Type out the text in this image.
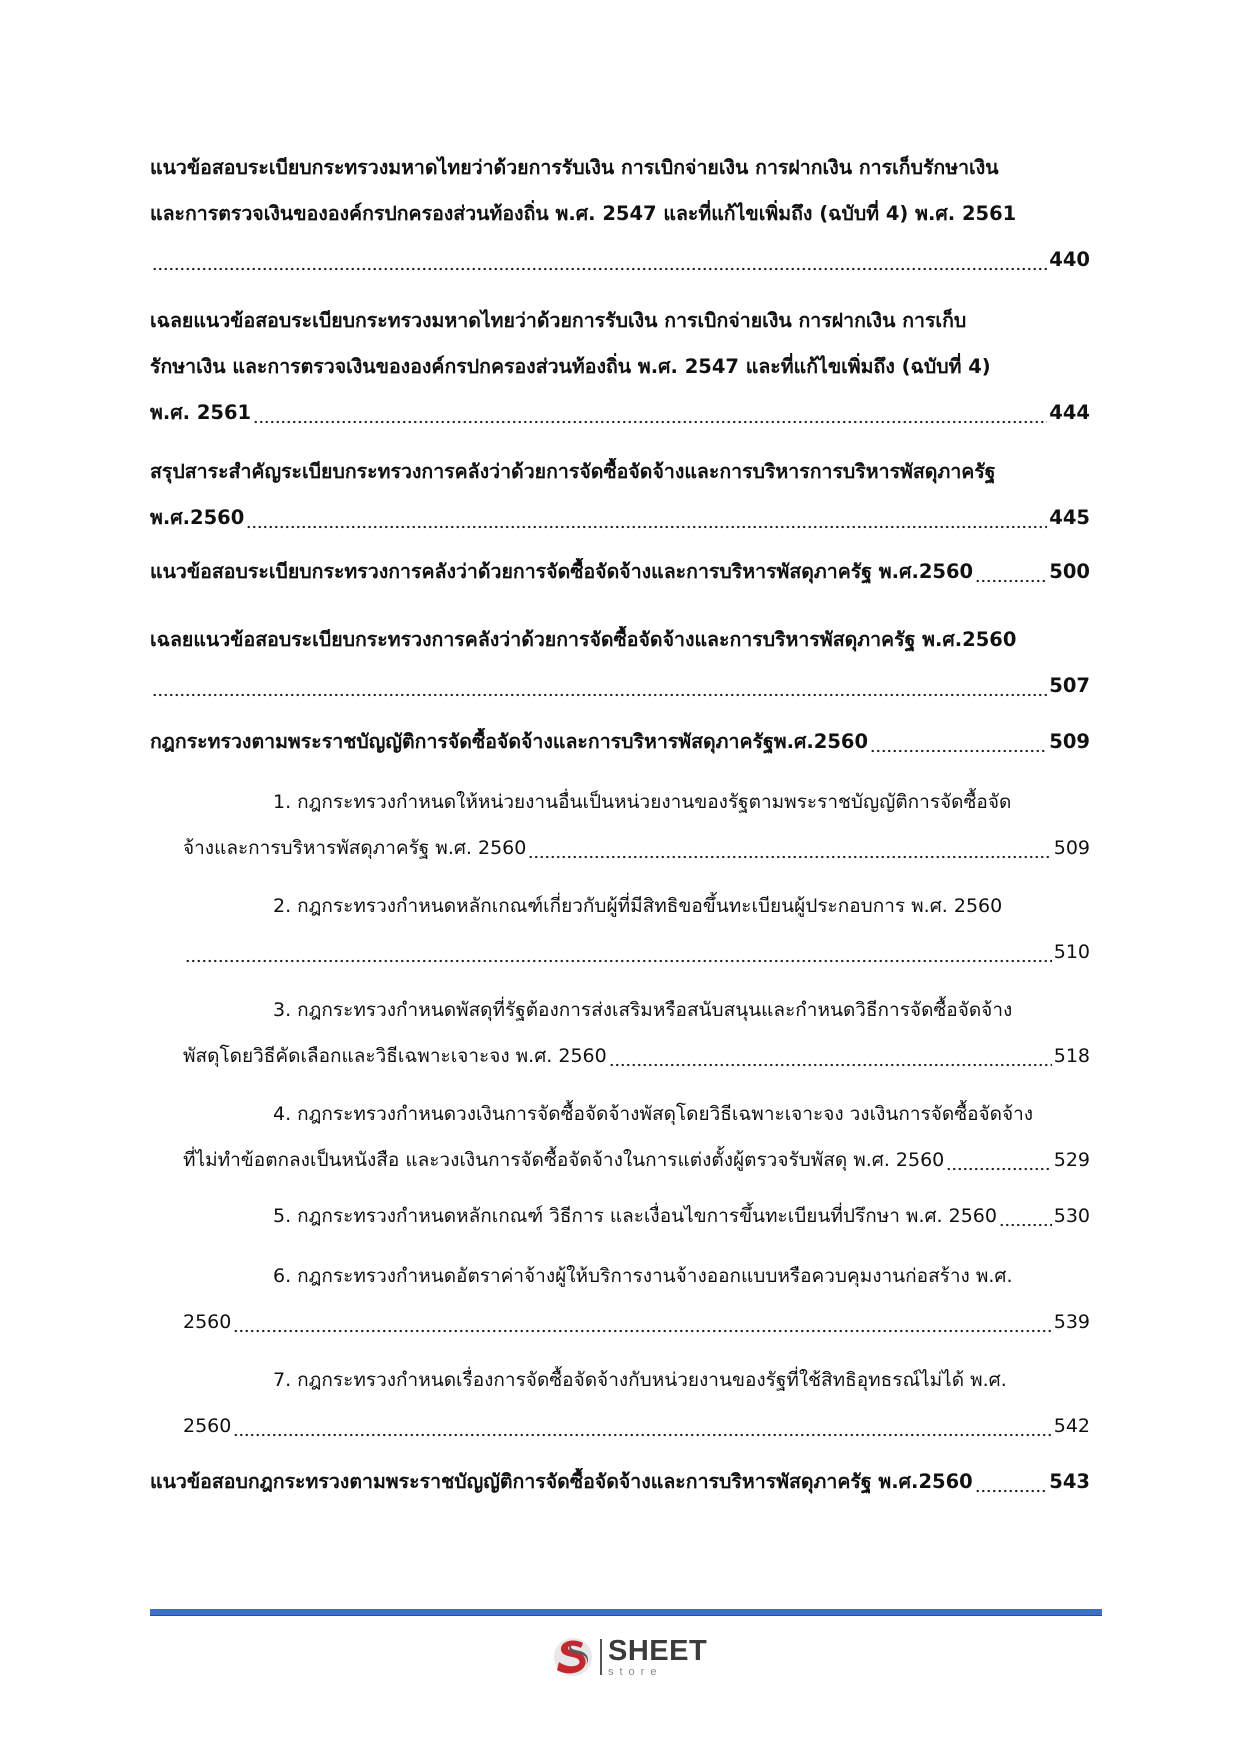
แนวข้อสอบระเบียบกระทรวงมหาดไทยว่าด้วยการรับเงิน การเบิกจ่ายเงิน การฝากเงิน การเก็บรักษาเงิน
และการตรวจเงินขององค์กรปกครองส่วนท้องถิ่น พ.ศ. 2547 และที่แก้ไขเพิ่มถึง (ฉบับที่ 4) พ.ศ. 2561
440
เฉลยแนวข้อสอบระเบียบกระทรวงมหาดไทยว่าด้วยการรับเงิน การเบิกจ่ายเงิน การฝากเงิน การเก็บ
รักษาเงิน และการตรวจเงินขององค์กรปกครองส่วนท้องถิ่น พ.ศ. 2547 และที่แก้ไขเพิ่มถึง (ฉบับที่ 4)
พ.ศ. 2561	444
สรุปสาระสำคัญระเบียบกระทรวงการคลังว่าด้วยการจัดซื้อจัดจ้างและการบริหารการบริหารพัสดุภาครัฐ
พ.ศ.2560	445
แนวข้อสอบระเบียบกระทรวงการคลังว่าด้วยการจัดซื้อจัดจ้างและการบริหารพัสดุภาครัฐ พ.ศ.2560	500
เฉลยแนวข้อสอบระเบียบกระทรวงการคลังว่าด้วยการจัดซื้อจัดจ้างและการบริหารพัสดุภาครัฐ พ.ศ.2560
507
กฎกระทรวงตามพระราชบัญญัติการจัดซื้อจัดจ้างและการบริหารพัสดุภาครัฐพ.ศ.2560	509
1. กฎกระทรวงกำหนดให้หน่วยงานอื่นเป็นหน่วยงานของรัฐตามพระราชบัญญัติการจัดซื้อจัด
จ้างและการบริหารพัสดุภาครัฐ พ.ศ. 2560	509
2. กฎกระทรวงกำหนดหลักเกณฑ์เกี่ยวกับผู้ที่มีสิทธิขอขึ้นทะเบียนผู้ประกอบการ พ.ศ. 2560
510
3. กฎกระทรวงกำหนดพัสดุที่รัฐต้องการส่งเสริมหรือสนับสนุนและกำหนดวิธีการจัดซื้อจัดจ้าง
พัสดุโดยวิธีคัดเลือกและวิธีเฉพาะเจาะจง พ.ศ. 2560	518
4. กฎกระทรวงกำหนดวงเงินการจัดซื้อจัดจ้างพัสดุโดยวิธีเฉพาะเจาะจง วงเงินการจัดซื้อจัดจ้าง
ที่ไม่ทำข้อตกลงเป็นหนังสือ และวงเงินการจัดซื้อจัดจ้างในการแต่งตั้งผู้ตรวจรับพัสดุ พ.ศ. 2560	529
5. กฎกระทรวงกำหนดหลักเกณฑ์ วิธีการ และเงื่อนไขการขึ้นทะเบียนที่ปรึกษา พ.ศ. 2560	530
6. กฎกระทรวงกำหนดอัตราค่าจ้างผู้ให้บริการงานจ้างออกแบบหรือควบคุมงานก่อสร้าง พ.ศ.
2560	539
7. กฎกระทรวงกำหนดเรื่องการจัดซื้อจัดจ้างกับหน่วยงานของรัฐที่ใช้สิทธิอุทธรณ์ไม่ได้ พ.ศ.
2560	542
แนวข้อสอบกฎกระทรวงตามพระราชบัญญัติการจัดซื้อจัดจ้างและการบริหารพัสดุภาครัฐ พ.ศ.2560	543
SHEET
store
